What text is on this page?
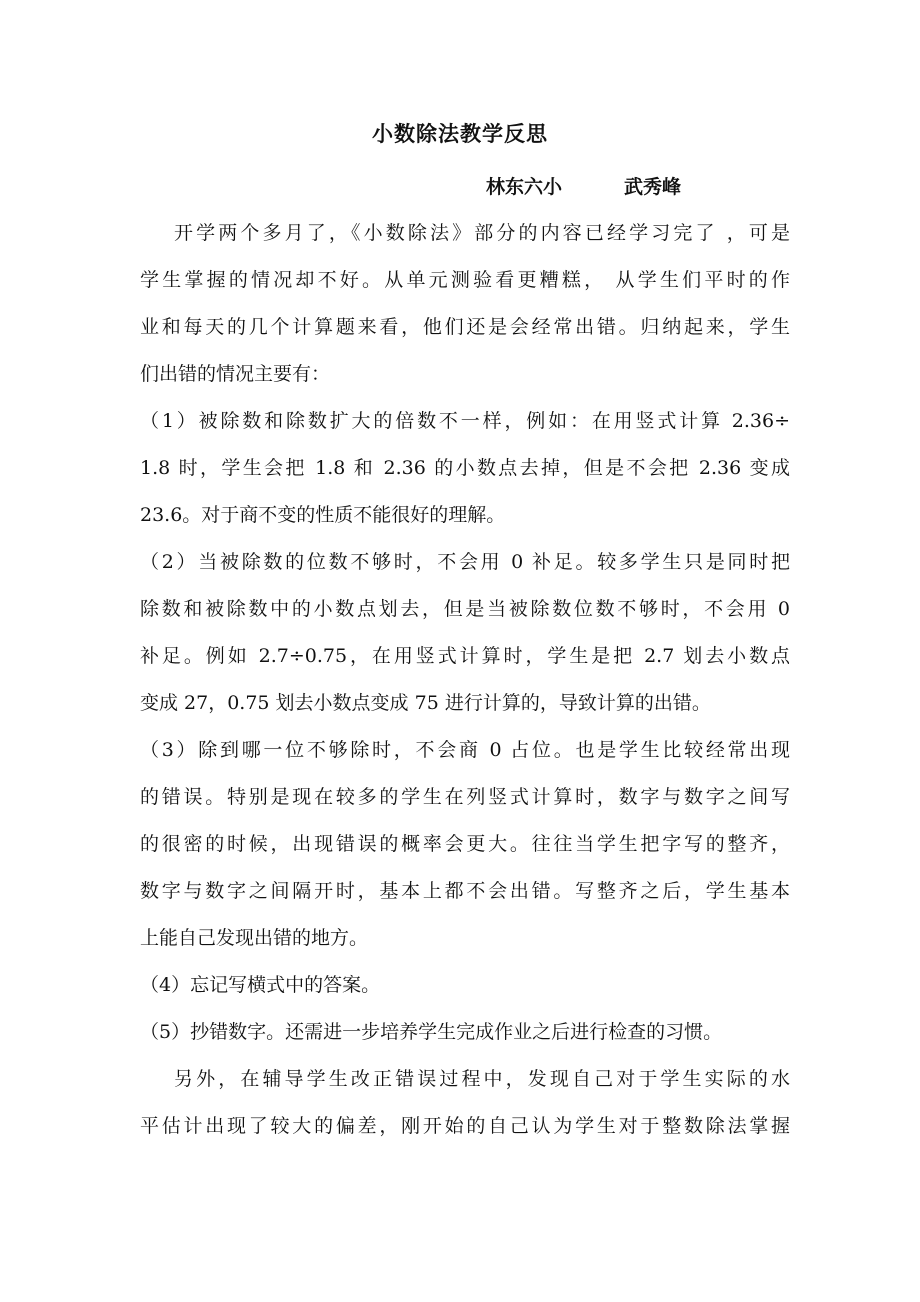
小数除法教学反思
林东六小	武秀峰
开学两个多月了，《小数除法》部分的内容已经学习完了 ，可是
学生掌握的情况却不好。从单元测验看更糟糕， 从学生们平时的作
业和每天的几个计算题来看，他们还是会经常出错。归纳起来，学生
们出错的情况主要有：
（1）被除数和除数扩大的倍数不一样，例如：在用竖式计算 2.36÷
1.8 时，学生会把 1.8 和 2.36 的小数点去掉，但是不会把 2.36 变成
23.6。对于商不变的性质不能很好的理解。
（2）当被除数的位数不够时，不会用 0 补足。较多学生只是同时把
除数和被除数中的小数点划去，但是当被除数位数不够时，不会用 0
补足。例如 2.7÷0.75，在用竖式计算时，学生是把 2.7 划去小数点
变成 27，0.75 划去小数点变成 75 进行计算的，导致计算的出错。
（3）除到哪一位不够除时，不会商 0 占位。也是学生比较经常出现
的错误。特别是现在较多的学生在列竖式计算时，数字与数字之间写
的很密的时候，出现错误的概率会更大。往往当学生把字写的整齐，
数字与数字之间隔开时，基本上都不会出错。写整齐之后，学生基本
上能自己发现出错的地方。
（4）忘记写横式中的答案。
（5）抄错数字。还需进一步培养学生完成作业之后进行检查的习惯。
另外，在辅导学生改正错误过程中，发现自己对于学生实际的水
平估计出现了较大的偏差，刚开始的自己认为学生对于整数除法掌握
